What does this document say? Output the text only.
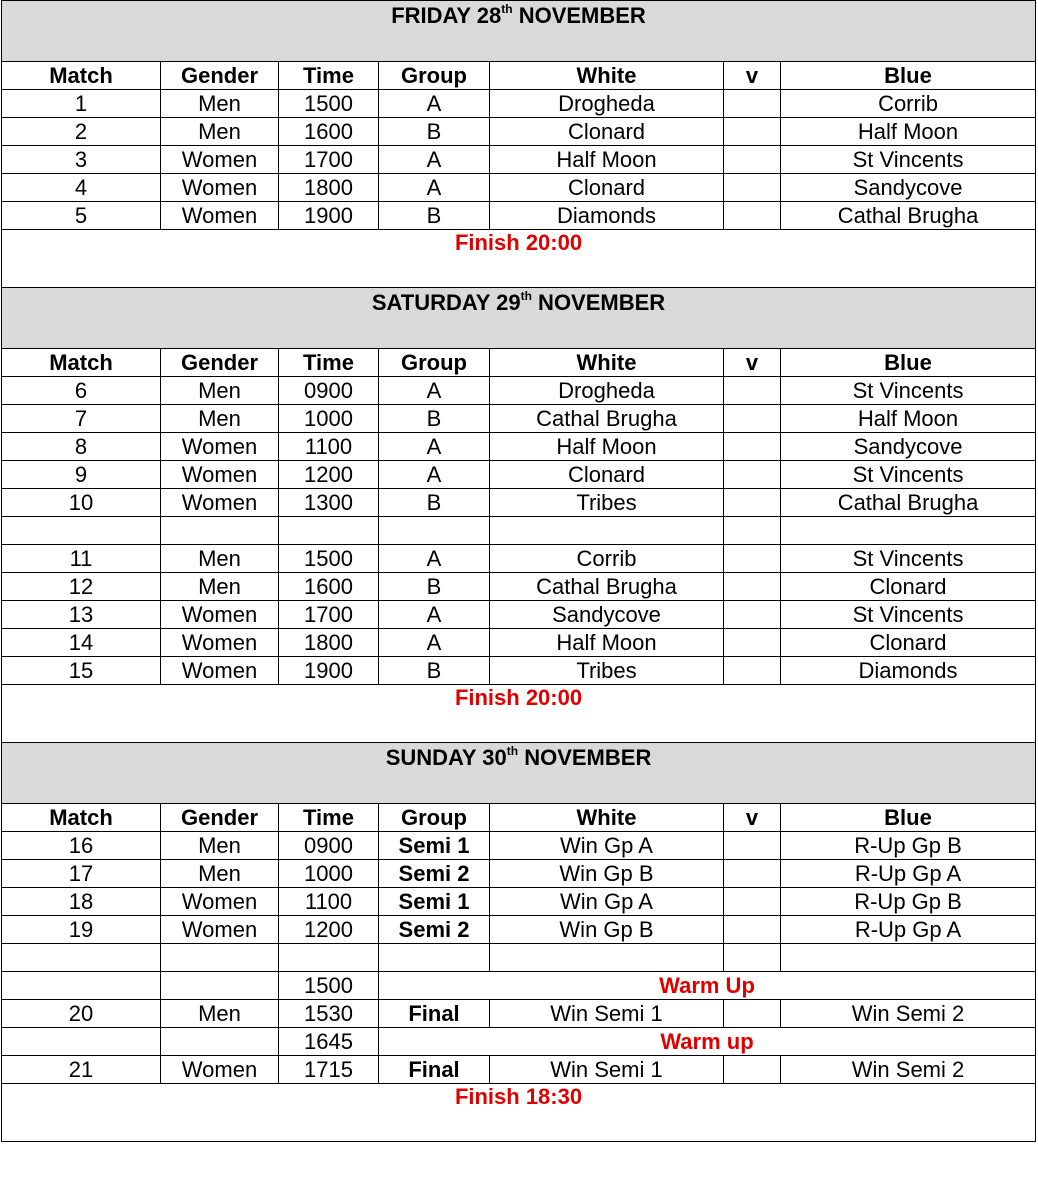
FRIDAY 28th NOVEMBER						
Match	Gender	Time	Group	White	v	Blue
1	Men	1500	A	Drogheda		Corrib
2	Men	1600	B	Clonard		Half Moon
3	Women	1700	A	Half Moon		St Vincents
4	Women	1800	A	Clonard		Sandycove
5	Women	1900	B	Diamonds		Cathal Brugha
Finish 20:00						
SATURDAY 29th NOVEMBER						
Match	Gender	Time	Group	White	v	Blue
6	Men	0900	A	Drogheda		St Vincents
7	Men	1000	B	Cathal Brugha		Half Moon
8	Women	1100	A	Half Moon		Sandycove
9	Women	1200	A	Clonard		St Vincents
10	Women	1300	B	Tribes		Cathal Brugha

11	Men	1500	A	Corrib		St Vincents
12	Men	1600	B	Cathal Brugha		Clonard
13	Women	1700	A	Sandycove		St Vincents
14	Women	1800	A	Half Moon		Clonard
15	Women	1900	B	Tribes		Diamonds
Finish 20:00						
SUNDAY 30th NOVEMBER						
Match	Gender	Time	Group	White	v	Blue
16	Men	0900	Semi 1	Win Gp A		R-Up Gp B
17	Men	1000	Semi 2	Win Gp B		R-Up Gp A
18	Women	1100	Semi 1	Win Gp A		R-Up Gp B
19	Women	1200	Semi 2	Win Gp B		R-Up Gp A

		1500	Warm Up			
20	Men	1530	Final	Win Semi 1		Win Semi 2
		1645	Warm up			
21	Women	1715	Final	Win Semi 1		Win Semi 2
Finish 18:30						
